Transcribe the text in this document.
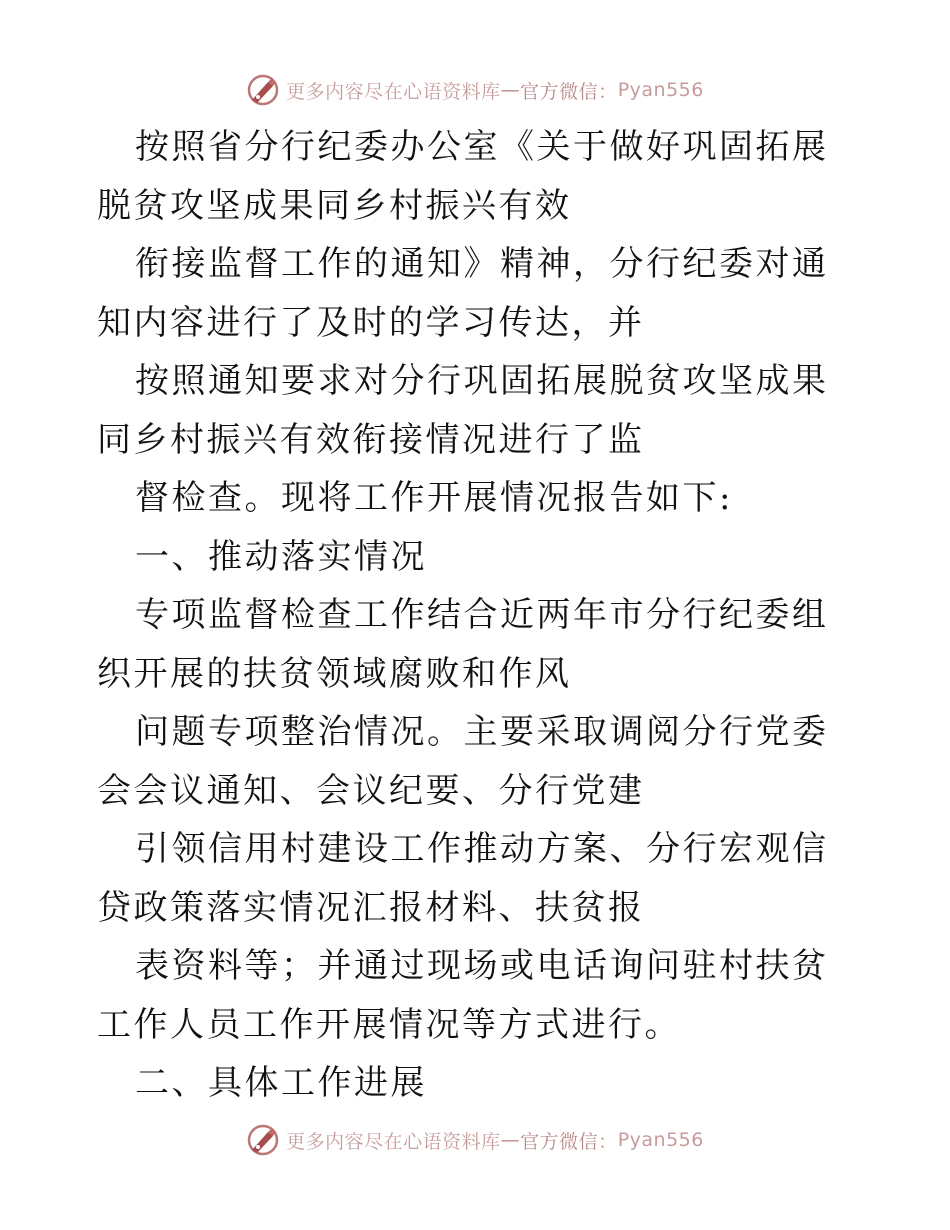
更多内容尽在心语资料库 — 官方微信： Pyan556

按照省分行纪委办公室《关于做好巩固拓展脱贫攻坚成果同乡村振兴有效

衔接监督工作的通知》精神，分行纪委对通知内容进行了及时的学习传达，并

按照通知要求对分行巩固拓展脱贫攻坚成果同乡村振兴有效衔接情况进行了监

督检查。现将工作开展情况报告如下:

一、推动落实情况

专项监督检查工作结合近两年市分行纪委组织开展的扶贫领域腐败和作风

问题专项整治情况。主要采取调阅分行党委会会议通知、会议纪要、分行党建

引领信用村建设工作推动方案、分行宏观信贷政策落实情况汇报材料、扶贫报

表资料等；并通过现场或电话询问驻村扶贫工作人员工作开展情况等方式进行。

二、具体工作进展

更多内容尽在心语资料库 — 官方微信： Pyan556
